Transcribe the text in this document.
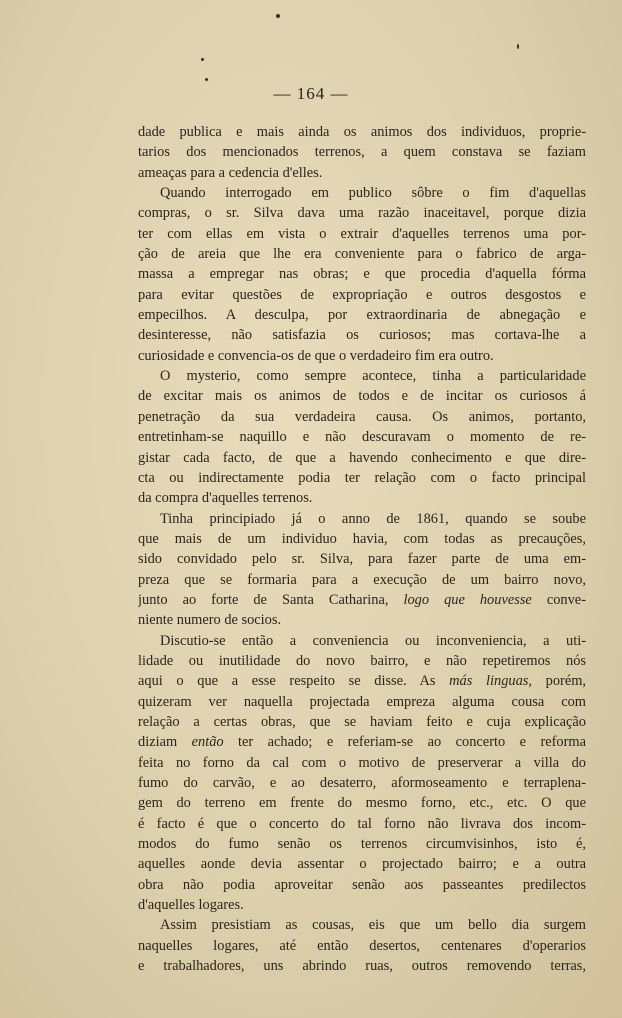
— 164 —
dade publica e mais ainda os animos dos individuos, proprie-
tarios dos mencionados terrenos, a quem constava se faziam
ameaças para a cedencia d'elles.
Quando interrogado em publico sôbre o fim d'aquellas
compras, o sr. Silva dava uma razão inaceitavel, porque dizia
ter com ellas em vista o extrair d'aquelles terrenos uma por-
ção de areia que lhe era conveniente para o fabrico de arga-
massa a empregar nas obras; e que procedia d'aquella fórma
para evitar questões de expropriação e outros desgostos e
empecilhos. A desculpa, por extraordinaria de abnegação e
desinteresse, não satisfazia os curiosos; mas cortava-lhe a
curiosidade e convencia-os de que o verdadeiro fim era outro.
O mysterio, como sempre acontece, tinha a particularidade
de excitar mais os animos de todos e de incitar os curiosos á
penetração da sua verdadeira causa. Os animos, portanto,
entretinham-se naquillo e não descuravam o momento de re-
gistar cada facto, de que a havendo conhecimento e que dire-
cta ou indirectamente podia ter relação com o facto principal
da compra d'aquelles terrenos.
Tinha principiado já o anno de 1861, quando se soube
que mais de um individuo havia, com todas as precauções,
sido convidado pelo sr. Silva, para fazer parte de uma em-
preza que se formaria para a execução de um bairro novo,
junto ao forte de Santa Catharina, logo que houvesse conve-
niente numero de socios.
Discutio-se então a conveniencia ou inconveniencia, a uti-
lidade ou inutilidade do novo bairro, e não repetiremos nós
aqui o que a esse respeito se disse. As más linguas, porém,
quizeram ver naquella projectada empreza alguma cousa com
relação a certas obras, que se haviam feito e cuja explicação
diziam então ter achado; e referiam-se ao concerto e reforma
feita no forno da cal com o motivo de preserverar a villa do
fumo do carvão, e ao desaterro, aformoseamento e terraplena-
gem do terreno em frente do mesmo forno, etc., etc. O que
é facto é que o concerto do tal forno não livrava dos incom-
modos do fumo senão os terrenos circumvisinhos, isto é,
aquelles aonde devia assentar o projectado bairro; e a outra
obra não podia aproveitar senão aos passeantes predilectos
d'aquelles logares.
Assim presistiam as cousas, eis que um bello dia surgem
naquelles logares, até então desertos, centenares d'operarios
e trabalhadores, uns abrindo ruas, outros removendo terras,
